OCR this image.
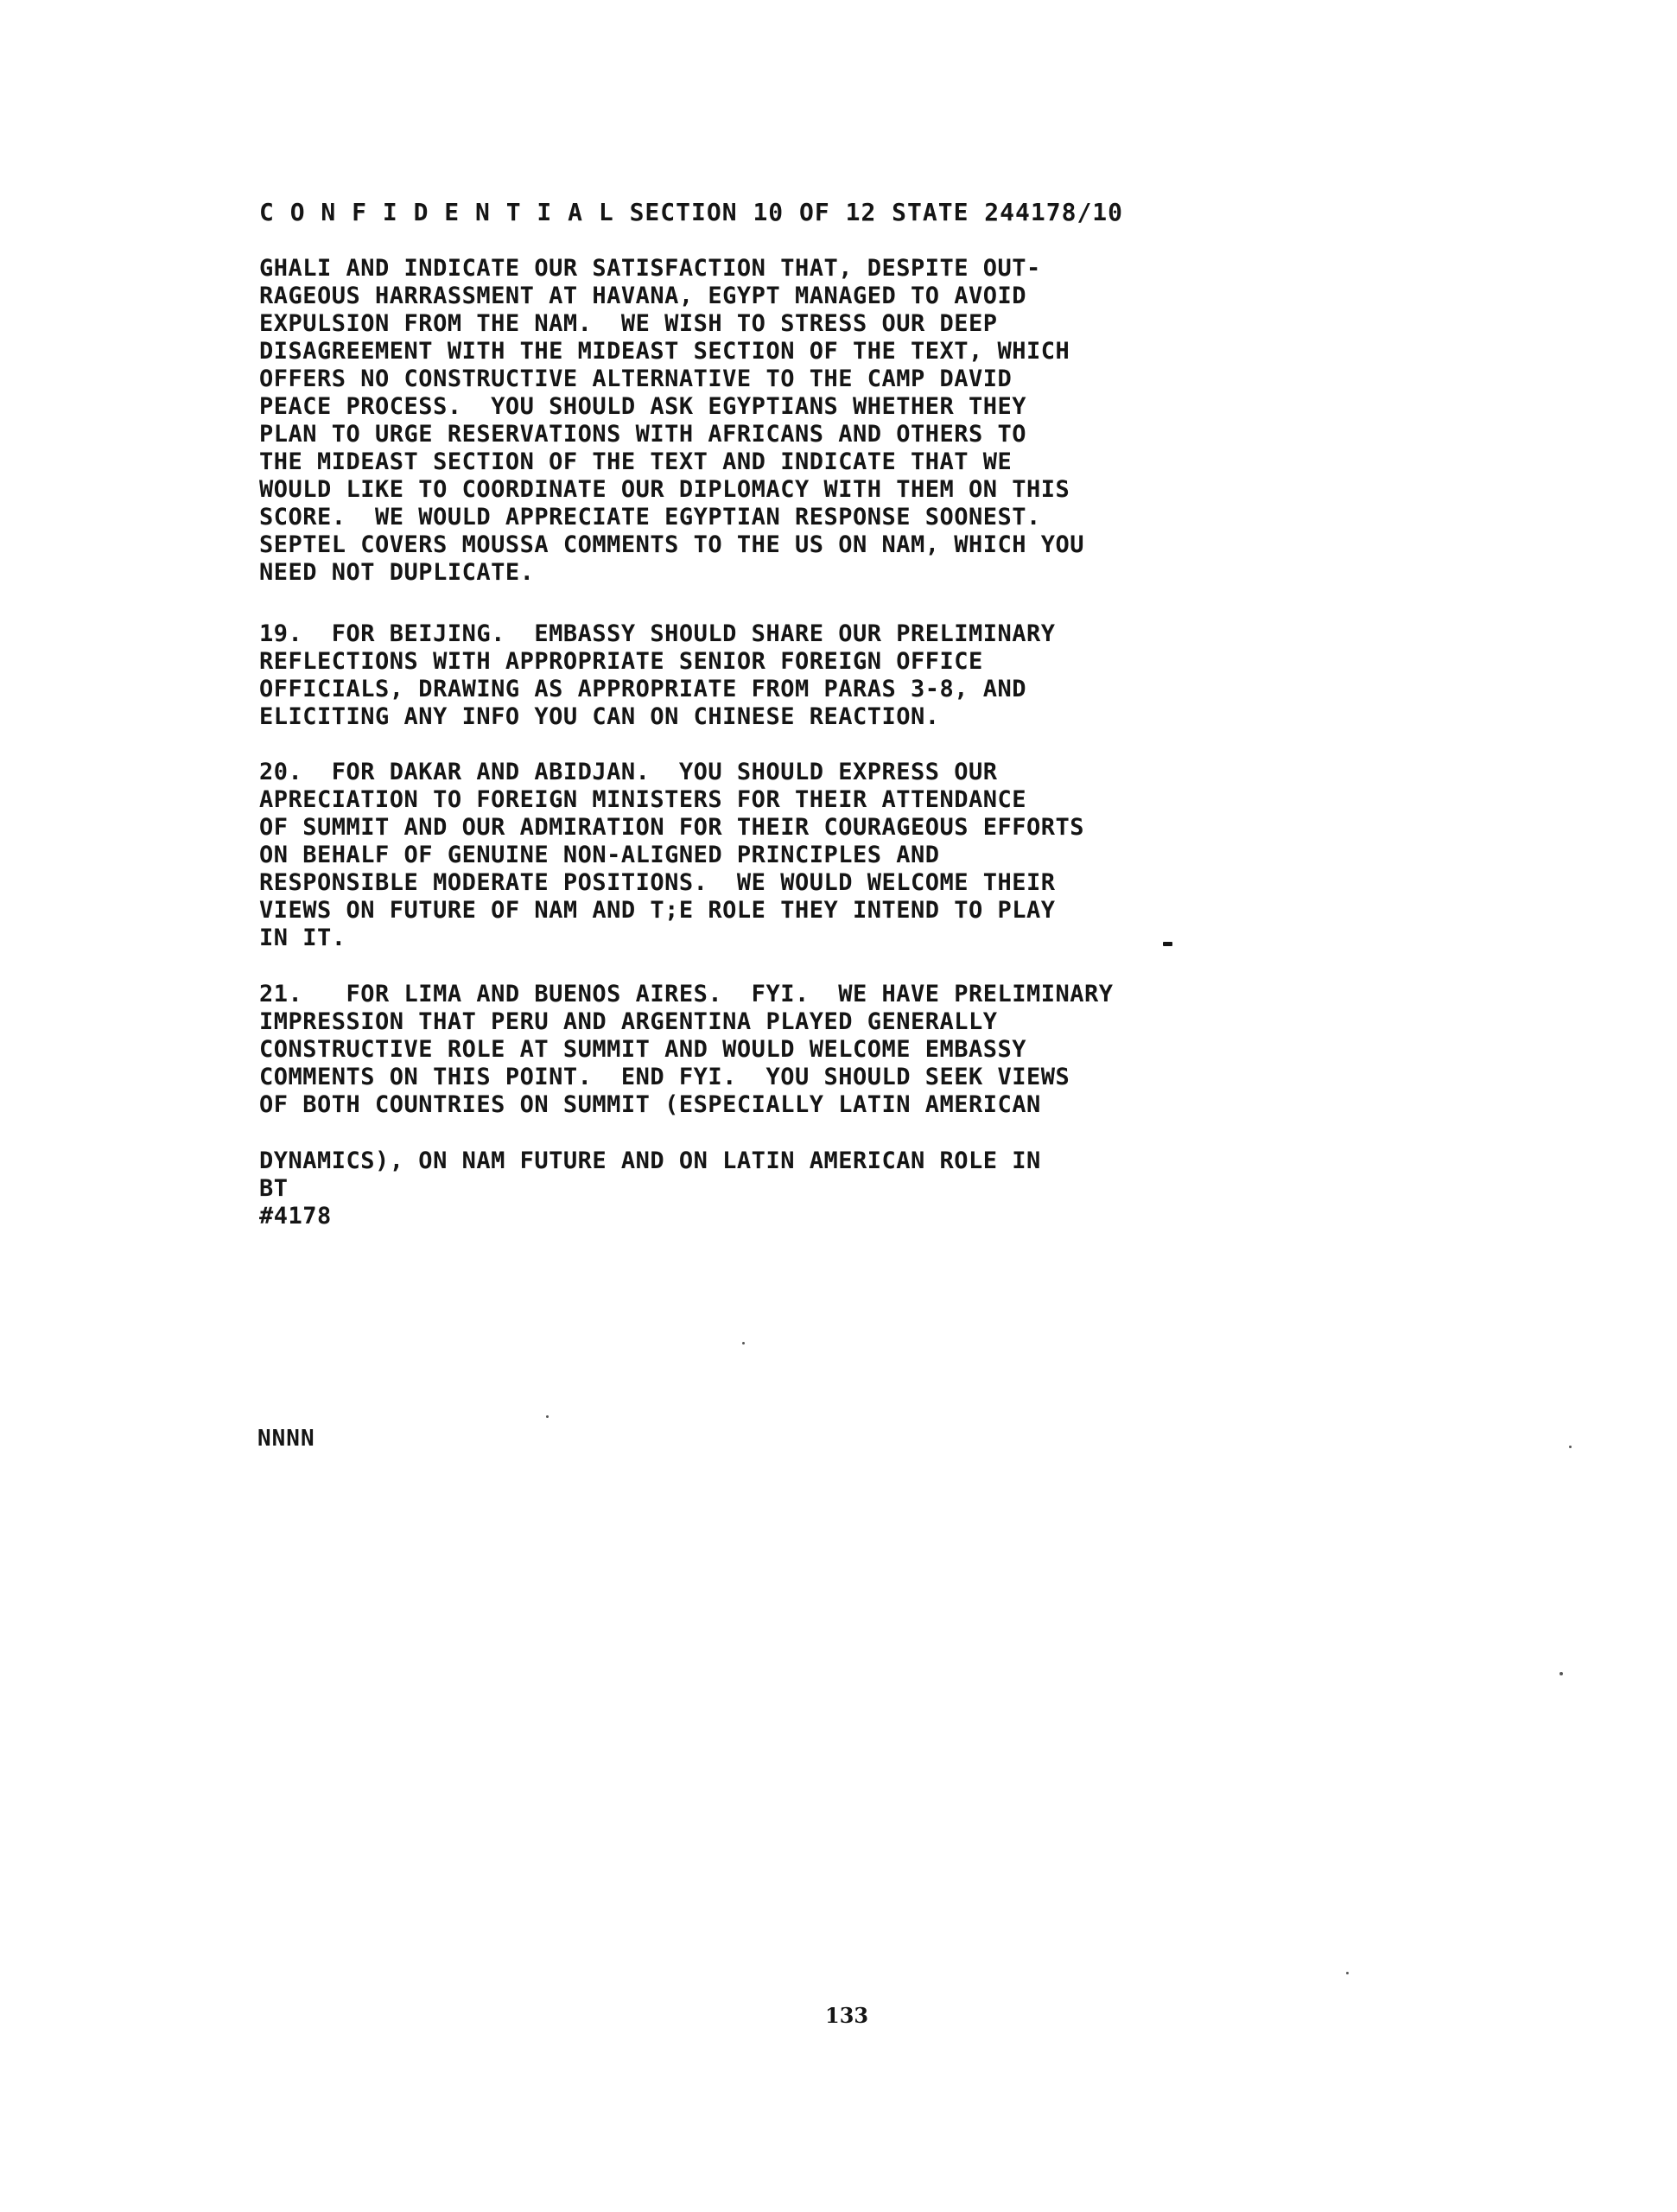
C O N F I D E N T I A L SECTION 10 OF 12 STATE 244178/10
GHALI AND INDICATE OUR SATISFACTION THAT, DESPITE OUT-
RAGEOUS HARRASSMENT AT HAVANA, EGYPT MANAGED TO AVOID
EXPULSION FROM THE NAM.  WE WISH TO STRESS OUR DEEP
DISAGREEMENT WITH THE MIDEAST SECTION OF THE TEXT, WHICH
OFFERS NO CONSTRUCTIVE ALTERNATIVE TO THE CAMP DAVID
PEACE PROCESS.  YOU SHOULD ASK EGYPTIANS WHETHER THEY
PLAN TO URGE RESERVATIONS WITH AFRICANS AND OTHERS TO
THE MIDEAST SECTION OF THE TEXT AND INDICATE THAT WE
WOULD LIKE TO COORDINATE OUR DIPLOMACY WITH THEM ON THIS
SCORE.  WE WOULD APPRECIATE EGYPTIAN RESPONSE SOONEST.
SEPTEL COVERS MOUSSA COMMENTS TO THE US ON NAM, WHICH YOU
NEED NOT DUPLICATE.
19.  FOR BEIJING.  EMBASSY SHOULD SHARE OUR PRELIMINARY
REFLECTIONS WITH APPROPRIATE SENIOR FOREIGN OFFICE
OFFICIALS, DRAWING AS APPROPRIATE FROM PARAS 3-8, AND
ELICITING ANY INFO YOU CAN ON CHINESE REACTION.
20.  FOR DAKAR AND ABIDJAN.  YOU SHOULD EXPRESS OUR
APRECIATION TO FOREIGN MINISTERS FOR THEIR ATTENDANCE
OF SUMMIT AND OUR ADMIRATION FOR THEIR COURAGEOUS EFFORTS
ON BEHALF OF GENUINE NON-ALIGNED PRINCIPLES AND
RESPONSIBLE MODERATE POSITIONS.  WE WOULD WELCOME THEIR
VIEWS ON FUTURE OF NAM AND T;E ROLE THEY INTEND TO PLAY
IN IT.
21.   FOR LIMA AND BUENOS AIRES.  FYI.  WE HAVE PRELIMINARY
IMPRESSION THAT PERU AND ARGENTINA PLAYED GENERALLY
CONSTRUCTIVE ROLE AT SUMMIT AND WOULD WELCOME EMBASSY
COMMENTS ON THIS POINT.  END FYI.  YOU SHOULD SEEK VIEWS
OF BOTH COUNTRIES ON SUMMIT (ESPECIALLY LATIN AMERICAN
DYNAMICS), ON NAM FUTURE AND ON LATIN AMERICAN ROLE IN
BT
#4178
NNNN
133
